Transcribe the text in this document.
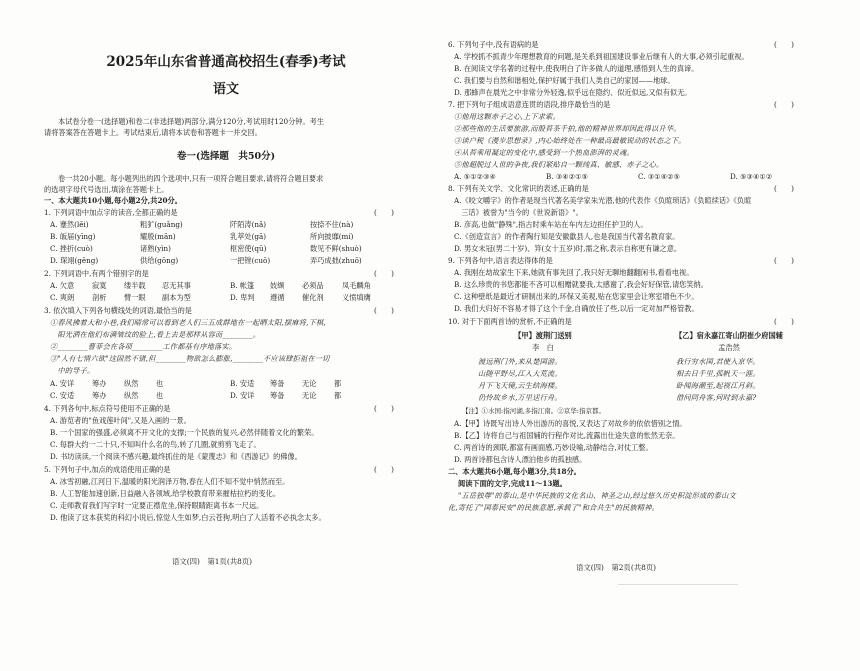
2025年山东省普通高校招生(春季)考试
语文
本试卷分卷一(选择题)和卷二(非选择题)两部分,满分120分,考试用时120分钟。考生
请将答案答在答题卡上。考试结束后,请将本试卷和答题卡一并交回。
卷一(选择题　共50分)
卷一共20小题。每小题列出的四个选项中,只有一项符合题目要求,请将符合题目要求
的选项字母代号选出,填涂在答题卡上。
一、本大题共10小题,每小题2分,共20分。
1. 下列词语中加点字的读音,全都正确的是	(　　)
A. 蹇然(lěi)	粗犷(guǎng)	阡陌涛(nǎ)	按捺不住(nà)
B. 皈届(yīng)	耀殷(mān)	乳萃处(gā)	所向披靡(mí)
C. 挫折(cuò)	诸熟(yìn)	枢密使(qū)	数见不鲜(shuò)
D. 琛翊(gěng)	供给(gōng)	一把锉(cuō)	弄巧成拙(zhuō)
2. 下列词语中,有两个错别字的是	(　　)
A. 欠意 寂寞 缕半载 忍无其事	B. 帐篷 妓缬 必须品	凤毛麟角
C. 爽朗 剖析 臂一眼 副本为型	D. 卑判 遵循 催化剂	义愤填膺
3. 依次填入下列各句横线处的词语,最恰当的是	(　　)
①春风拂着大和小巷,我们晴常可以看到老人们三五成群地在一起晒太阳,摆麻将,下棋,
　阳光洒在他们布满皱纹的脸上,看上去是那样从容而________。
②________曹菲会在各项________工作都基有序地落实。
③"人有七情六欲"这固然不错,但________物欲怎么膨胀,________不应该肆拒祖在一切
　中的导子。
A. 安详 筹办 纵然 也	B. 安适 筹备 无论 都
C. 安适 筹办 纵然 也	D. 安详 筹备 无论 都
4. 下列各句中,标点符号使用不正确的是	(　　)
A. 游览者的"鱼戏莲叶间",又是入画的一景。
B. 一个国家的强盛,必须离不开文化的支撑;一个民族的复兴,必然伴随着文化的繁荣。
C. 每群大约一二十只,不知叫什么名的鸟,转了几圈,就剪剪飞走了。
D. 书坊读读,一个阅读不感兴趣,最终抓住的是《蒙蔑志》和《西游记》的佛像。
5. 下列句子中,加点的成语使用正确的是	(　　)
A. 冰雪初融,江河日下,温暖的阳光润泽万物,春在人们不知不觉中悄然而至。
B. 人工智能加速创新,日益融入各领域,给学校教育带来摧枯拉朽的变化。
C. 走师教育我们写字时一定要正襟危坐,保持眼睛距离书本一尺远。
D. 他读了这本获奖的科幻小说后,惊觉人生如梦,白云苍狗,明白了人活着不必执念太多。
语文(四)　第1页(共8页)
6. 下列句子中,没有语病的是	(　　)
A. 学校抓不抓青少年理想教育的问题,是关系到祖国建设事业后继有人的大事,必须引起重视。
B. 在阅读文学名著的过程中,使我明白了许多做人的道理,感悟到人生的真谛。
C. 我们要与自然和谐相处,保护好属于我们人类自己的家园——地球。
D. 那蜂声在晨光之中非常分外轻逸,似乎远在隐约、似近似远,又似有似无。
7. 把下列句子组成语意连贯的语段,排序最恰当的是	(　　)
①他用这颗赤子之心,上下求索。
②那些他的生活要旅游,而殷苔茶千拍,他的精神世界却因此得以升华。
③读户税《漫步思想录》,内心始终处在一种最高最敏锐动的状态之下。
④从苔乘用凝定的变化中,感受到一个热血澎湃的灵魂。
⑤他超脱过人世的争夜,我们紧贴自一颗纯真、敏感、赤子之心。
A. ⑤①②③④	B. ③④②①⑤	C. ③①④②⑤	D. ⑤③④①②
8. 下列有关文学、文化常识的表述,正确的是	(　　)
A.《咬文嚼字》的作者是现当代著名美学家朱光潜,他的代表作《负暄琐话》《负暄续话》《负暄
　三话》被誉为"当今的《世说新语》"。
B. 彦高,也做"静殊",指古时乘车站在车内左边担任护卫的人。
C.《创造宣言》的作者陶行知是安徽歙县人,也是我国当代著名教育家。
D. 男女未冠(男二十岁)、笄(女十五岁)时,需之称,表示自称更有谦之意。
9. 下列各句中,语言表达得体的是	(　　)
A. 我刚在劫故家生下来,她就有事先回了,我只好无聊地翻翻闲书,看看电视。
B. 这么珍贵的书您都能不吝可以相赠就要我,太感谢了,我会好好保管,请您笑纳。
C. 这种壁纸是最近才研制出来的,环保又美观,贴在您家里会让寒室增色不少。
D. 我们大归好不容易才得了这个千金,自确放任了些,以后一定对加严格管教。
10. 对于下面两首诗的赏析,不正确的是	(　　)
【甲】渡荆门送别
李　白
渡远荆门外,来从楚国游。
山随平野尽,江入大荒流。
月下飞天镜,云生结海楼。
仍怜故乡水,万里送行舟。
【乙】宿永嘉江寄山阴崔少府国辅
孟浩然
我行穷水国,君使入京华。
相去日千里,孤帆天一涯。
卧闻海潮至,起视江月斜。
借问同舟客,何时到永嘉?
【注】①水国:指河湖,多指江南。②京华:指京都。
A.【甲】诗既写出诗人外出游历的喜悦,又表达了对故乡的依依惜别之情。
B.【乙】诗将自己与祖国辅的行程作对比,流露出仕途失意的怅然无奈。
C. 两首诗的颈联,都富有画面感,巧妙设喻,动静结合,对仗工整。
D. 两首诗都包含诗人漂泊他乡的孤独感。
二、本大题共6小题,每小题3分,共18分。
阅读下面的文字,完成11～13题。
"五岳独尊"的泰山,是中华民族的文化名山、神圣之山,经过悠久历史积淀形成的泰山文
化,寄托了"国泰民安"的民族意愿,承载了"和合共生"的民族精神。
语文(四)　第2页(共8页)
